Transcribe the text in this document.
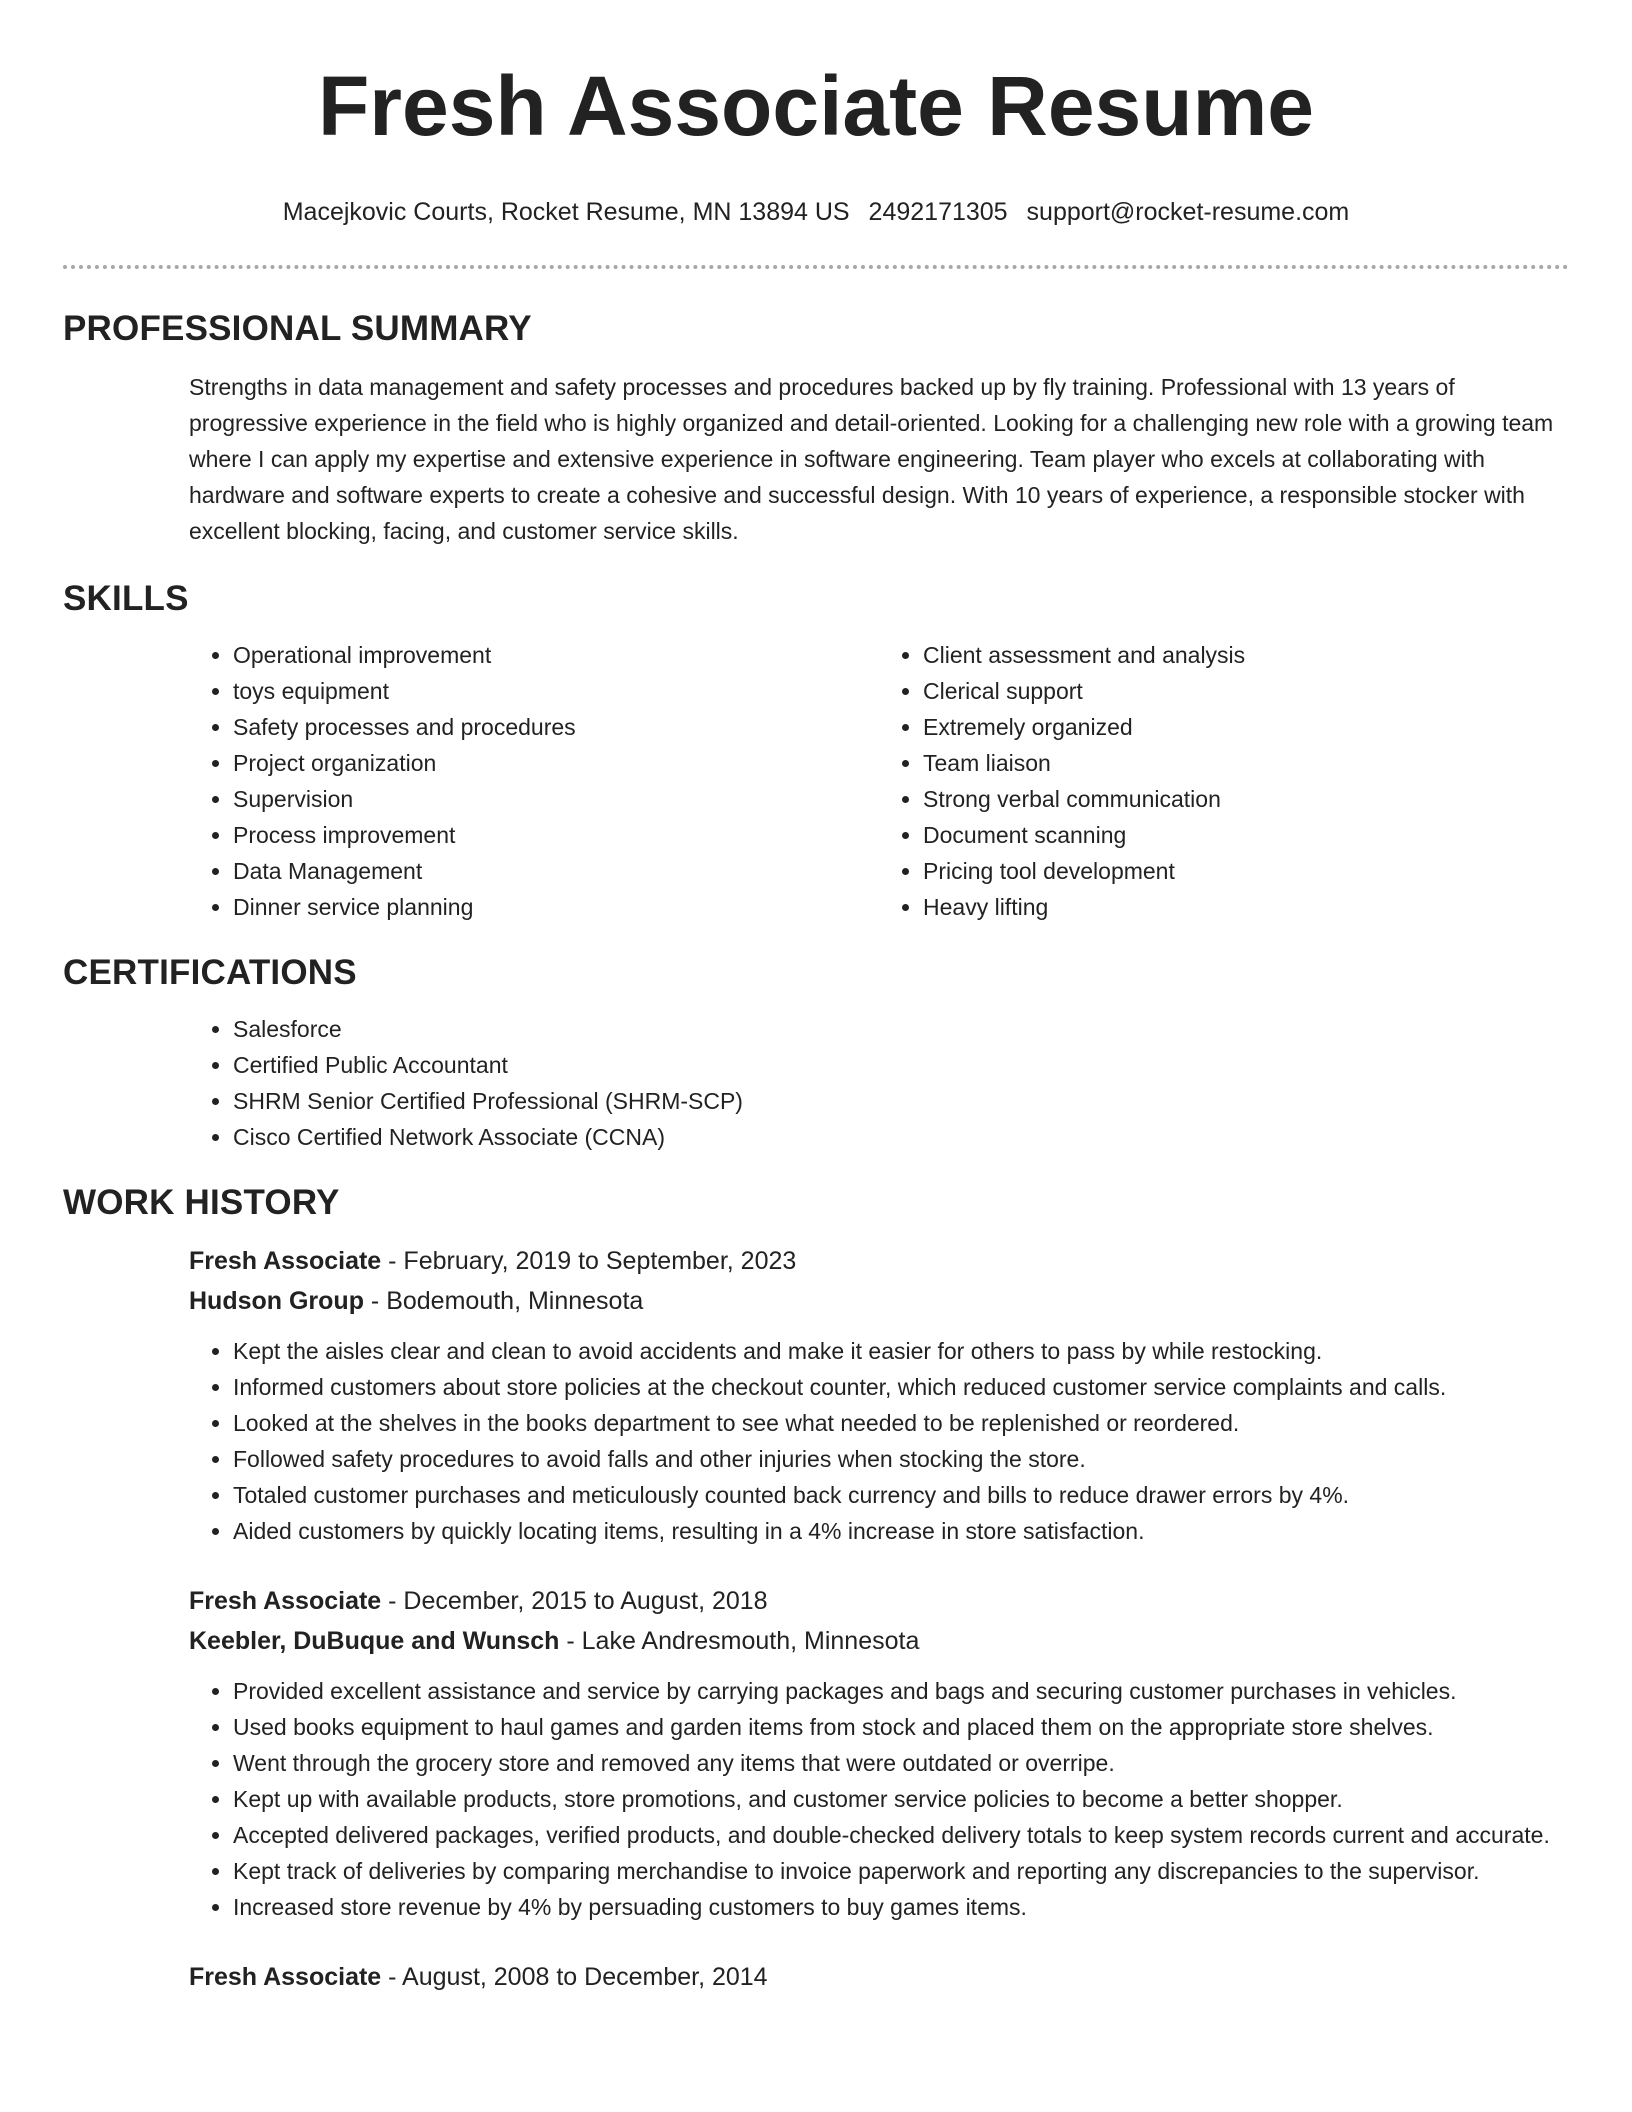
Fresh Associate Resume
Macejkovic Courts, Rocket Resume, MN 13894 US 2492171305 support@rocket-resume.com
PROFESSIONAL SUMMARY

Strengths in data management and safety processes and procedures backed up by fly training. Professional with 13 years of progressive experience in the field who is highly organized and detail-oriented. Looking for a challenging new role with a growing team where I can apply my expertise and extensive experience in software engineering. Team player who excels at collaborating with hardware and software experts to create a cohesive and successful design. With 10 years of experience, a responsible stocker with excellent blocking, facing, and customer service skills.

SKILLS
• Operational improvement
• toys equipment
• Safety processes and procedures
• Project organization
• Supervision
• Process improvement
• Data Management
• Dinner service planning
• Client assessment and analysis
• Clerical support
• Extremely organized
• Team liaison
• Strong verbal communication
• Document scanning
• Pricing tool development
• Heavy lifting
CERTIFICATIONS
• Salesforce
• Certified Public Accountant
• SHRM Senior Certified Professional (SHRM-SCP)
• Cisco Certified Network Associate (CCNA)
WORK HISTORY
Fresh Associate - February, 2019 to September, 2023
Hudson Group - Bodemouth, Minnesota
• Kept the aisles clear and clean to avoid accidents and make it easier for others to pass by while restocking.
• Informed customers about store policies at the checkout counter, which reduced customer service complaints and calls.
• Looked at the shelves in the books department to see what needed to be replenished or reordered.
• Followed safety procedures to avoid falls and other injuries when stocking the store.
• Totaled customer purchases and meticulously counted back currency and bills to reduce drawer errors by 4%.
• Aided customers by quickly locating items, resulting in a 4% increase in store satisfaction.
Fresh Associate - December, 2015 to August, 2018
Keebler, DuBuque and Wunsch - Lake Andresmouth, Minnesota
• Provided excellent assistance and service by carrying packages and bags and securing customer purchases in vehicles.
• Used books equipment to haul games and garden items from stock and placed them on the appropriate store shelves.
• Went through the grocery store and removed any items that were outdated or overripe.
• Kept up with available products, store promotions, and customer service policies to become a better shopper.
• Accepted delivered packages, verified products, and double-checked delivery totals to keep system records current and accurate.
• Kept track of deliveries by comparing merchandise to invoice paperwork and reporting any discrepancies to the supervisor.
• Increased store revenue by 4% by persuading customers to buy games items.
Fresh Associate - August, 2008 to December, 2014
